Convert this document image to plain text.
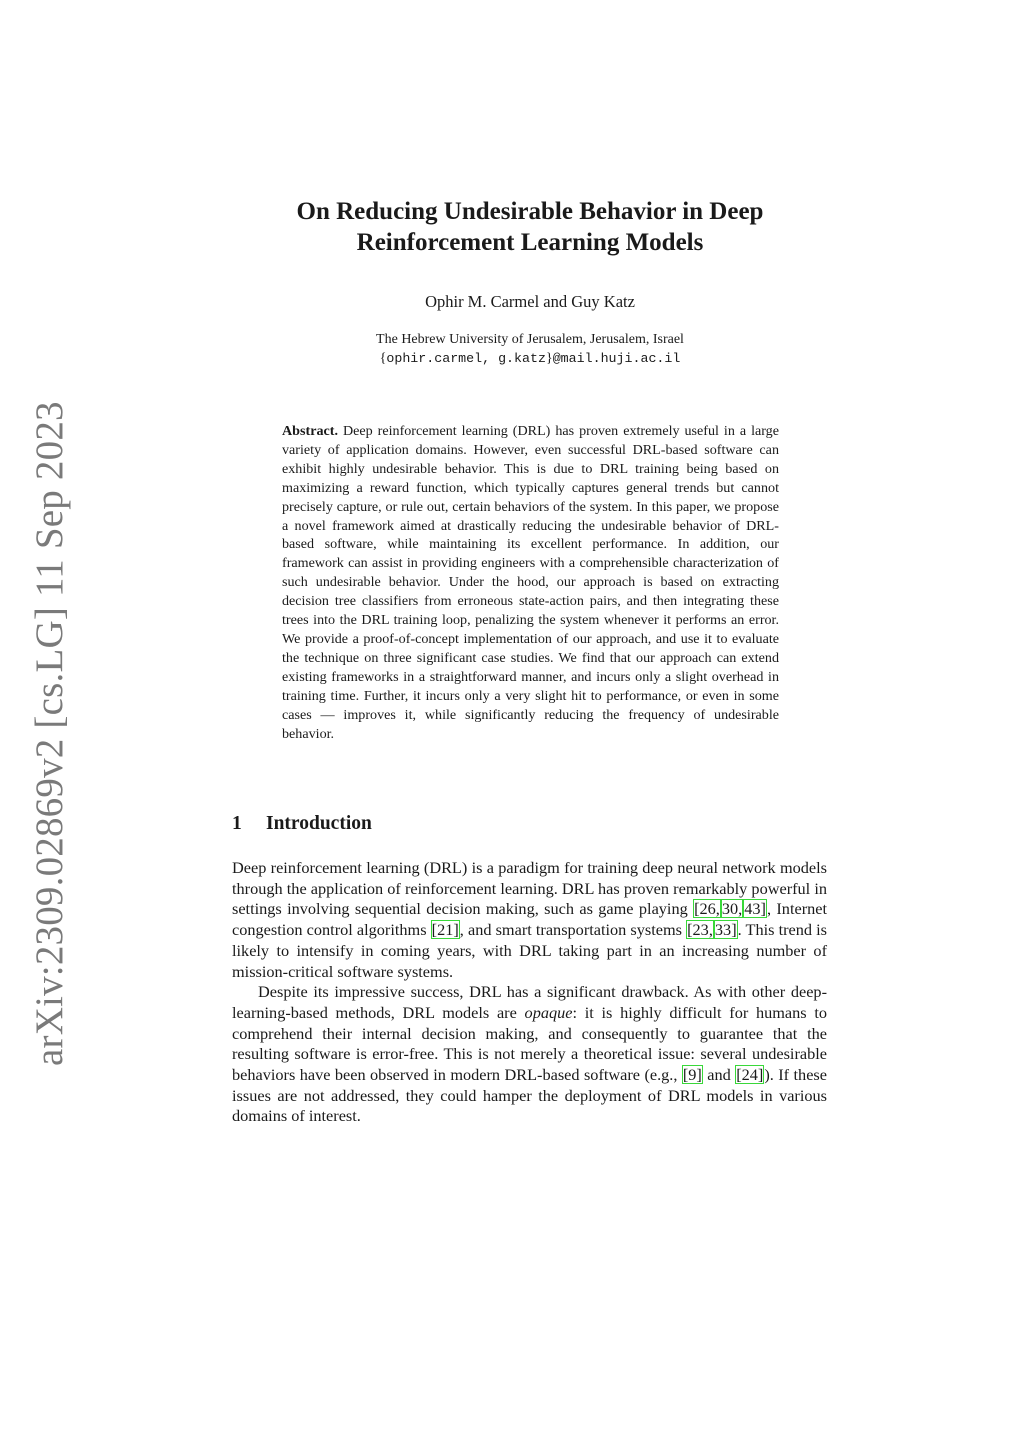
arXiv:2309.02869v2 [cs.LG] 11 Sep 2023
On Reducing Undesirable Behavior in Deep
Reinforcement Learning Models
Ophir M. Carmel and Guy Katz
The Hebrew University of Jerusalem, Jerusalem, Israel
{ophir.carmel, g.katz}@mail.huji.ac.il
Abstract. Deep reinforcement learning (DRL) has proven extremely useful in a large variety of application domains. However, even successful DRL-based software can exhibit highly undesirable behavior. This is due to DRL training being based on maximizing a reward function, which typically captures general trends but cannot precisely capture, or rule out, certain behaviors of the system. In this paper, we propose a novel framework aimed at drastically reducing the undesirable behavior of DRL-based software, while maintaining its excellent performance. In addition, our framework can assist in providing engineers with a comprehensible characterization of such undesirable behavior. Under the hood, our approach is based on extracting decision tree classifiers from erroneous state-action pairs, and then integrating these trees into the DRL training loop, penalizing the system whenever it performs an error. We provide a proof-of-concept implementation of our approach, and use it to evaluate the technique on three significant case studies. We find that our approach can extend existing frameworks in a straightforward manner, and incurs only a slight overhead in training time. Further, it incurs only a very slight hit to performance, or even in some cases — improves it, while significantly reducing the frequency of undesirable behavior.
1 Introduction

Deep reinforcement learning (DRL) is a paradigm for training deep neural network models through the application of reinforcement learning. DRL has proven remarkably powerful in settings involving sequential decision making, such as game playing [26, 30, 43], Internet congestion control algorithms [21], and smart transportation systems [23, 33]. This trend is likely to intensify in coming years, with DRL taking part in an increasing number of mission-critical software systems.

Despite its impressive success, DRL has a significant drawback. As with other deep-learning-based methods, DRL models are opaque: it is highly difficult for humans to comprehend their internal decision making, and consequently to guarantee that the resulting software is error-free. This is not merely a theoretical issue: several undesirable behaviors have been observed in modern DRL-based software (e.g., [9] and [24]). If these issues are not addressed, they could hamper the deployment of DRL models in various domains of interest.
